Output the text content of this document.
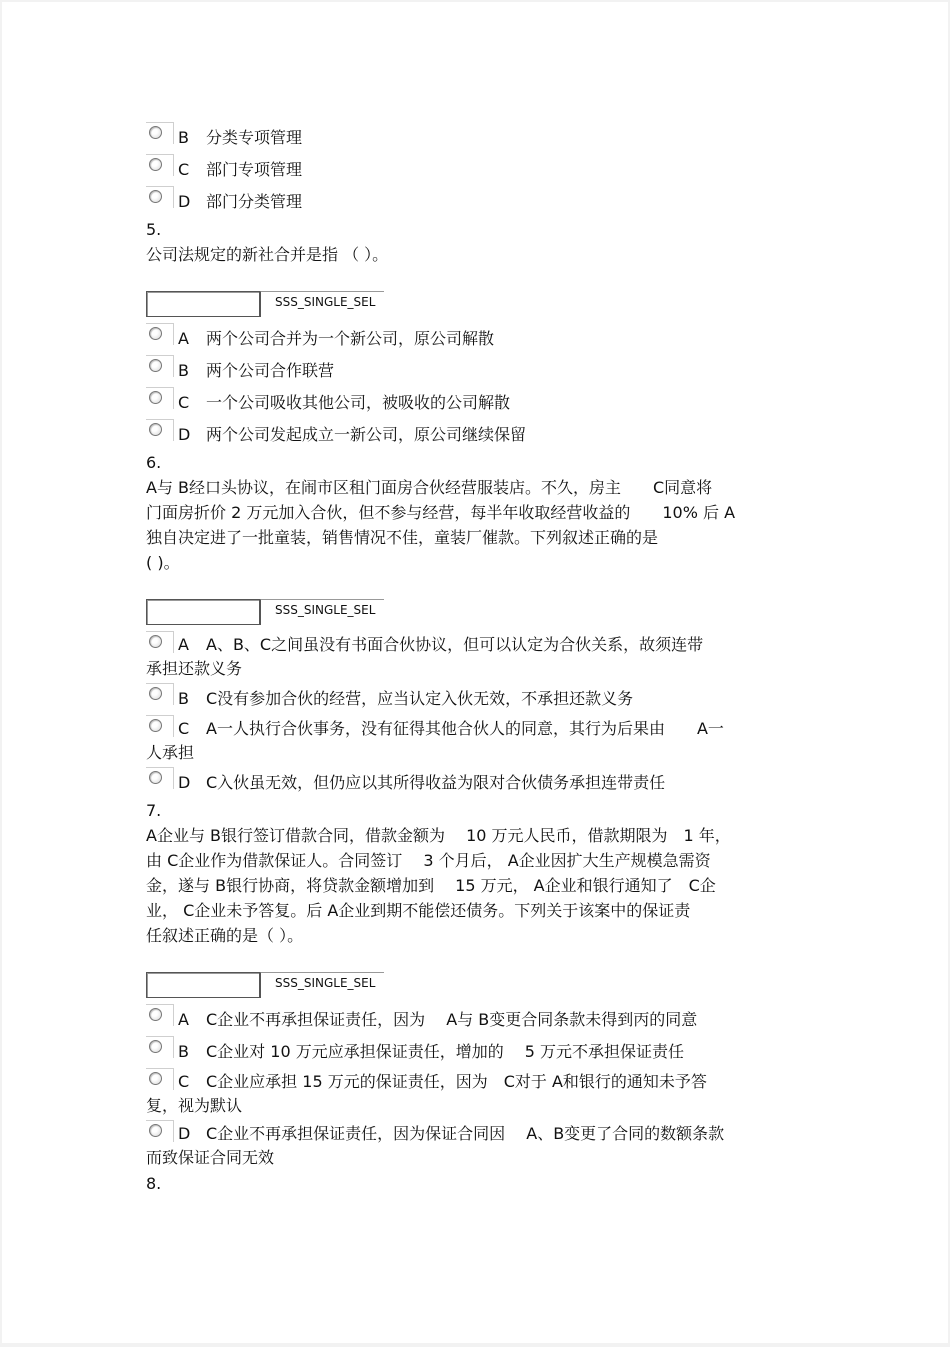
B 分类专项管理
C 部门专项管理
D 部门分类管理
5.
公司法规定的新社合并是指 （ ）。
SSS_SINGLE_SEL
A 两个公司合并为一个新公司，原公司解散
B 两个公司合作联营
C 一个公司吸收其他公司，被吸收的公司解散
D 两个公司发起成立一新公司，原公司继续保留
6.
A与 B经口头协议，在闹市区租门面房合伙经营服装店。不久，房主　　C同意将
门面房折价 2 万元加入合伙，但不参与经营，每半年收取经营收益的　　10% 后 A
独自决定进了一批童装，销售情况不佳，童装厂催款。下列叙述正确的是
( )。
SSS_SINGLE_SEL
A A、B、C之间虽没有书面合伙协议，但可以认定为合伙关系，故须连带
承担还款义务
B C没有参加合伙的经营，应当认定入伙无效，不承担还款义务
C A一人执行合伙事务，没有征得其他合伙人的同意，其行为后果由　　A一
人承担
D C入伙虽无效，但仍应以其所得收益为限对合伙债务承担连带责任
7.
A企业与 B银行签订借款合同，借款金额为　 10 万元人民币，借款期限为　1 年，
由 C企业作为借款保证人。合同签订　 3 个月后， A企业因扩大生产规模急需资
金，遂与 B银行协商，将贷款金额增加到　 15 万元， A企业和银行通知了　C企
业， C企业未予答复。后 A企业到期不能偿还债务。下列关于该案中的保证责
任叙述正确的是（ ）。
SSS_SINGLE_SEL
A C企业不再承担保证责任，因为　 A与 B变更合同条款未得到丙的同意
B C企业对 10 万元应承担保证责任，增加的　 5 万元不承担保证责任
C C企业应承担 15 万元的保证责任，因为　C对于 A和银行的通知未予答
复，视为默认
D C企业不再承担保证责任，因为保证合同因　 A、B变更了合同的数额条款
而致保证合同无效
8.
